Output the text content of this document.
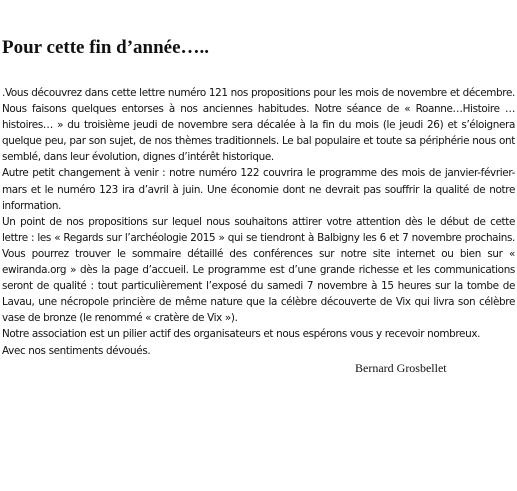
Pour cette fin d’année…..

.Vous découvrez dans cette lettre numéro 121 nos propositions pour les mois de novembre et décembre. Nous faisons quelques entorses à nos anciennes habitudes. Notre séance de « Roanne…Histoire …histoires… » du troisième jeudi de novembre sera décalée à la fin du mois (le jeudi 26) et s’éloignera quelque peu, par son sujet, de nos thèmes traditionnels. Le bal populaire et toute sa périphérie nous ont semblé, dans leur évolution, dignes d’intérêt historique.

Autre petit changement à venir : notre numéro 122 couvrira le programme des mois de janvier-février-mars et le numéro 123 ira d’avril à juin. Une économie dont ne devrait pas souffrir la qualité de notre information.

Un point de nos propositions sur lequel nous souhaitons attirer votre attention dès le début de cette lettre : les « Regards sur l’archéologie 2015 » qui se tiendront à Balbigny les 6 et 7 novembre prochains. Vous pourrez trouver le sommaire détaillé des conférences sur notre site internet ou bien sur « ewiranda.org » dès la page d’accueil. Le programme est d’une grande richesse et les communications seront de qualité : tout particulièrement l’exposé du samedi 7 novembre à 15 heures sur la tombe de Lavau, une nécropole princière de même nature que la célèbre découverte de Vix qui livra son célèbre vase de bronze (le renommé « cratère de Vix »).

Notre association est un pilier actif des organisateurs et nous espérons vous y recevoir nombreux.

Avec nos sentiments dévoués.

Bernard Grosbellet
